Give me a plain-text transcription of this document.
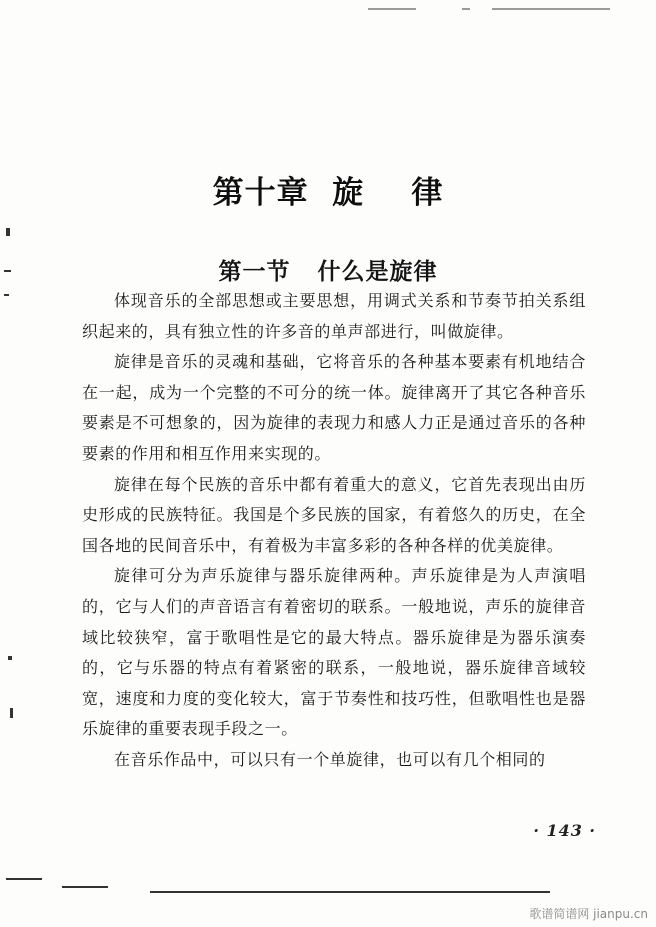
第十章  旋    律
第一节   什么是旋律

体现音乐的全部思想或主要思想，用调式关系和节奏节拍关系组织起来的，具有独立性的许多音的单声部进行，叫做旋律。

旋律是音乐的灵魂和基础，它将音乐的各种基本要素有机地结合在一起，成为一个完整的不可分的统一体。旋律离开了其它各种音乐要素是不可想象的，因为旋律的表现力和感人力正是通过音乐的各种要素的作用和相互作用来实现的。

旋律在每个民族的音乐中都有着重大的意义，它首先表现出由历史形成的民族特征。我国是个多民族的国家，有着悠久的历史，在全国各地的民间音乐中，有着极为丰富多彩的各种各样的优美旋律。

旋律可分为声乐旋律与器乐旋律两种。声乐旋律是为人声演唱的，它与人们的声音语言有着密切的联系。一般地说，声乐的旋律音域比较狭窄，富于歌唱性是它的最大特点。器乐旋律是为器乐演奏的，它与乐器的特点有着紧密的联系，一般地说，器乐旋律音域较宽，速度和力度的变化较大，富于节奏性和技巧性，但歌唱性也是器乐旋律的重要表现手段之一。

在音乐作品中，可以只有一个单旋律，也可以有几个相同的

· 143 ·
歌谱简谱网 jianpu.cn
